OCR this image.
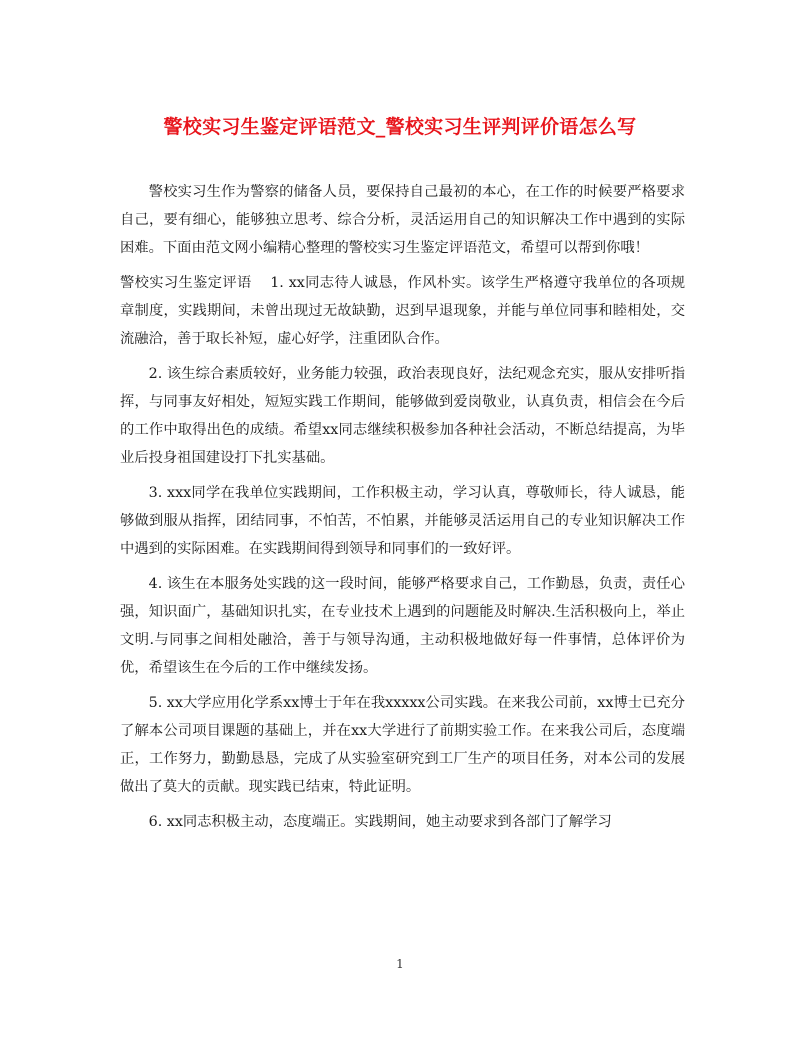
警校实习生鉴定评语范文_警校实习生评判评价语怎么写

警校实习生作为警察的储备人员，要保持自己最初的本心，在工作的时候要严格要求自己，要有细心，能够独立思考、综合分析，灵活运用自己的知识解决工作中遇到的实际困难。下面由范文网小编精心整理的警校实习生鉴定评语范文，希望可以帮到你哦！

警校实习生鉴定评语 1. xx同志待人诚恳，作风朴实。该学生严格遵守我单位的各项规章制度，实践期间，未曾出现过无故缺勤，迟到早退现象，并能与单位同事和睦相处，交流融洽，善于取长补短，虚心好学，注重团队合作。

2. 该生综合素质较好，业务能力较强，政治表现良好，法纪观念充实，服从安排听指挥，与同事友好相处，短短实践工作期间，能够做到爱岗敬业，认真负责，相信会在今后的工作中取得出色的成绩。希望xx同志继续积极参加各种社会活动，不断总结提高，为毕业后投身祖国建设打下扎实基础。

3. xxx同学在我单位实践期间，工作积极主动，学习认真，尊敬师长，待人诚恳，能够做到服从指挥，团结同事，不怕苦，不怕累，并能够灵活运用自己的专业知识解决工作中遇到的实际困难。在实践期间得到领导和同事们的一致好评。

4. 该生在本服务处实践的这一段时间，能够严格要求自己，工作勤恳，负责，责任心强，知识面广，基础知识扎实，在专业技术上遇到的问题能及时解决.生活积极向上，举止文明.与同事之间相处融洽，善于与领导沟通，主动积极地做好每一件事情，总体评价为优，希望该生在今后的工作中继续发扬。

5. xx大学应用化学系xx博士于年在我xxxxx公司实践。在来我公司前，xx博士已充分了解本公司项目课题的基础上，并在xx大学进行了前期实验工作。在来我公司后，态度端正，工作努力，勤勤恳恳，完成了从实验室研究到工厂生产的项目任务，对本公司的发展做出了莫大的贡献。现实践已结束，特此证明。

6. xx同志积极主动，态度端正。实践期间，她主动要求到各部门了解学习

1
